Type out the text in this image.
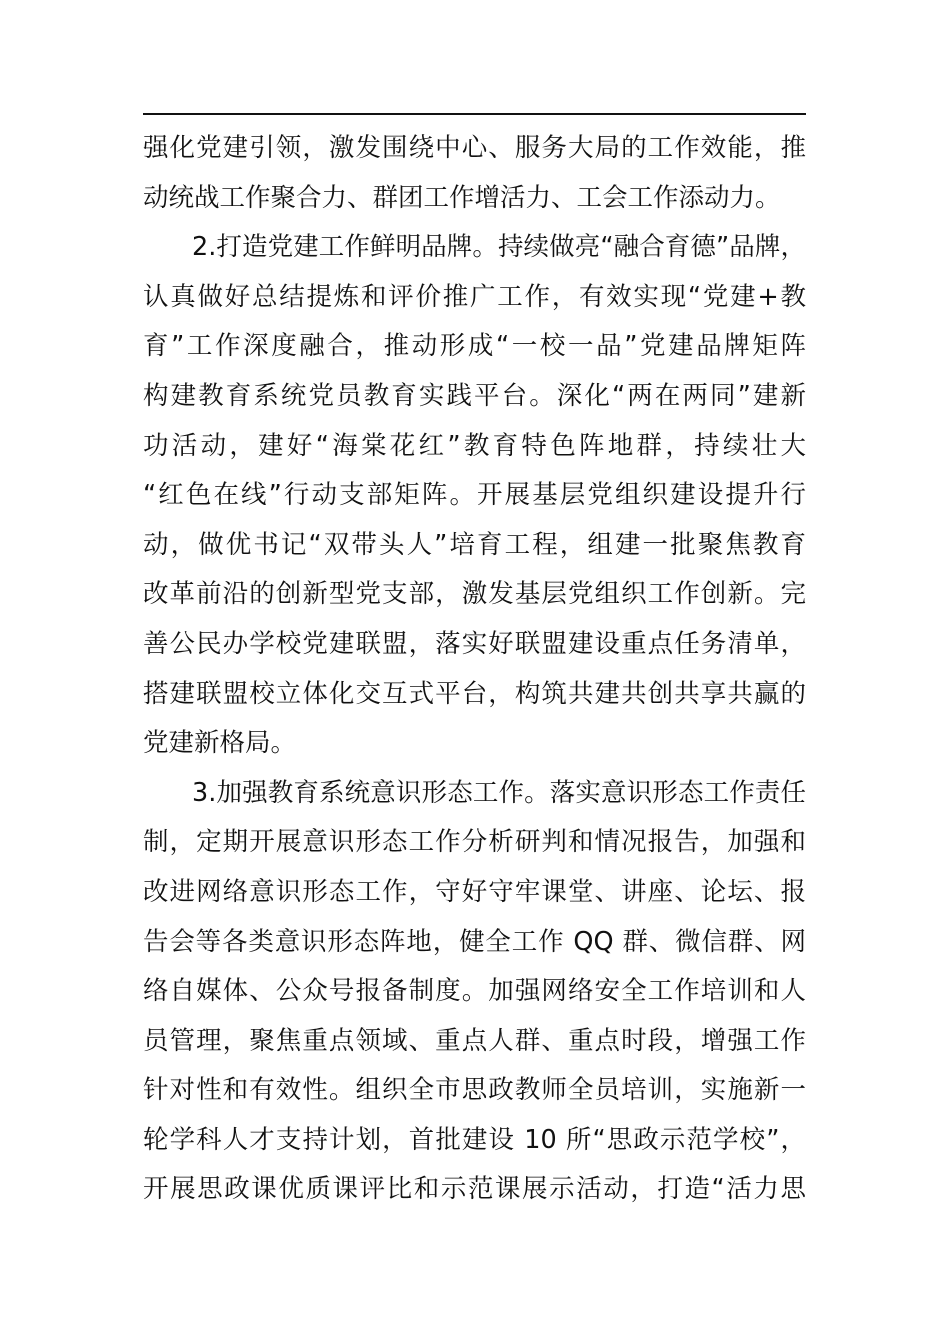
强化党建引领，激发围绕中心、服务大局的工作效能，推
动统战工作聚合力、群团工作增活力、工会工作添动力。
2.打造党建工作鲜明品牌。持续做亮“融合育德”品牌，
认真做好总结提炼和评价推广工作，有效实现“党建+教
育”工作深度融合，推动形成“一校一品”党建品牌矩阵
构建教育系统党员教育实践平台。深化“两在两同”建新
功活动，建好“海棠花红”教育特色阵地群，持续壮大
“红色在线”行动支部矩阵。开展基层党组织建设提升行
动，做优书记“双带头人”培育工程，组建一批聚焦教育
改革前沿的创新型党支部，激发基层党组织工作创新。完
善公民办学校党建联盟，落实好联盟建设重点任务清单，
搭建联盟校立体化交互式平台，构筑共建共创共享共赢的
党建新格局。
3.加强教育系统意识形态工作。落实意识形态工作责任
制，定期开展意识形态工作分析研判和情况报告，加强和
改进网络意识形态工作，守好守牢课堂、讲座、论坛、报
告会等各类意识形态阵地，健全工作 QQ 群、微信群、网
络自媒体、公众号报备制度。加强网络安全工作培训和人
员管理，聚焦重点领域、重点人群、重点时段，增强工作
针对性和有效性。组织全市思政教师全员培训，实施新一
轮学科人才支持计划，首批建设 10 所“思政示范学校”，
开展思政课优质课评比和示范课展示活动，打造“活力思
